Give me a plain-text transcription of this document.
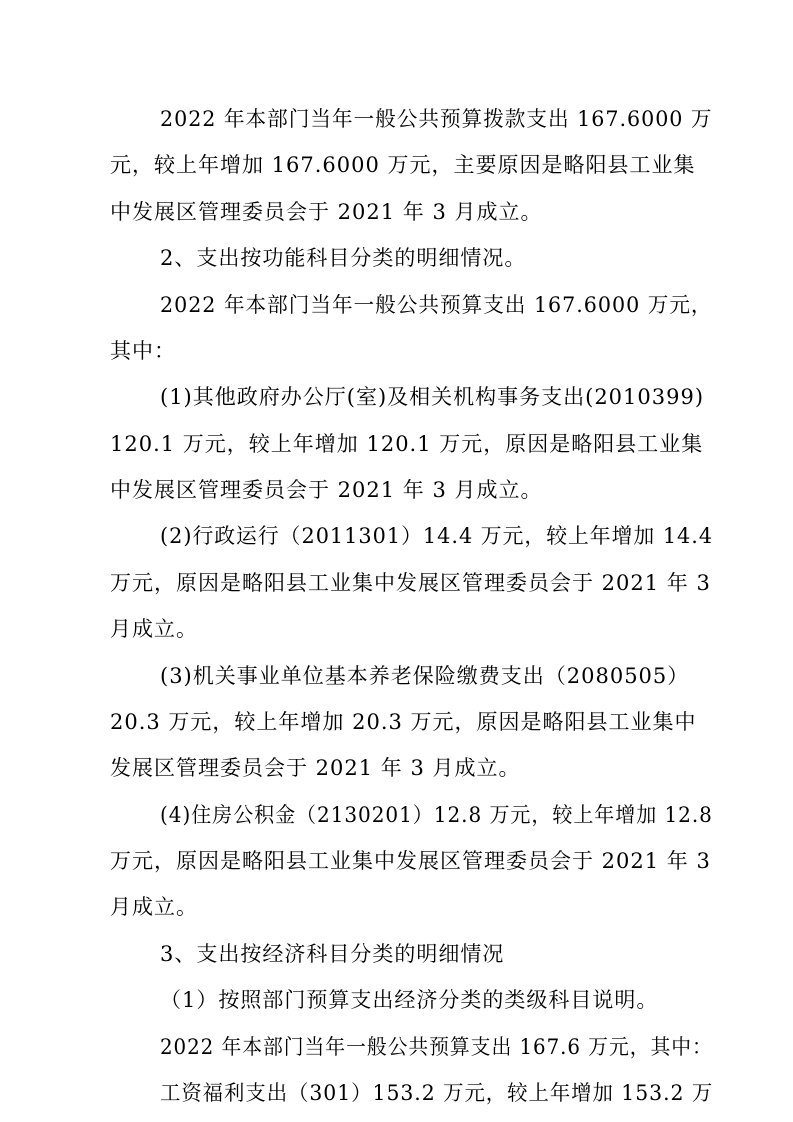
2022 年本部门当年一般公共预算拨款支出 167.6000 万
元，较上年增加 167.6000 万元，主要原因是略阳县工业集
中发展区管理委员会于 2021 年 3 月成立。
2、支出按功能科目分类的明细情况。
2022 年本部门当年一般公共预算支出 167.6000 万元，
其中：
(1)其他政府办公厅(室)及相关机构事务支出(2010399)
120.1 万元，较上年增加 120.1 万元，原因是略阳县工业集
中发展区管理委员会于 2021 年 3 月成立。
(2)行政运行（2011301）14.4 万元，较上年增加 14.4
万元，原因是略阳县工业集中发展区管理委员会于 2021 年 3
月成立。
(3)机关事业单位基本养老保险缴费支出（2080505）
20.3 万元，较上年增加 20.3 万元，原因是略阳县工业集中
发展区管理委员会于 2021 年 3 月成立。
(4)住房公积金（2130201）12.8 万元，较上年增加 12.8
万元，原因是略阳县工业集中发展区管理委员会于 2021 年 3
月成立。
3、支出按经济科目分类的明细情况
（1）按照部门预算支出经济分类的类级科目说明。
2022 年本部门当年一般公共预算支出 167.6 万元，其中：
工资福利支出（301）153.2 万元，较上年增加 153.2 万
